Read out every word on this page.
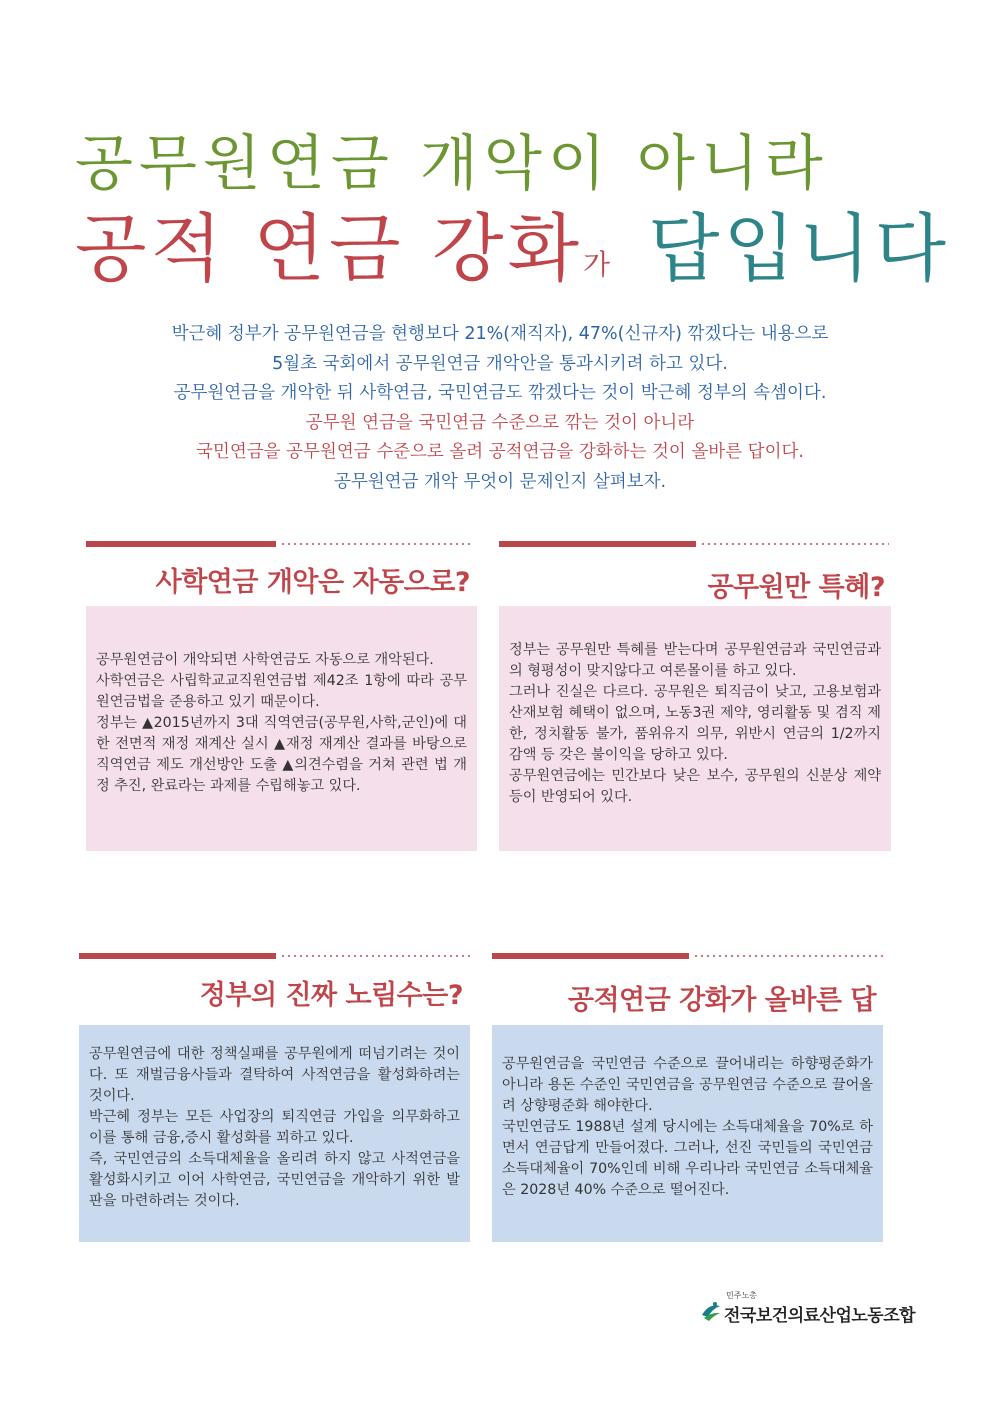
공무원연금 개악이 아니라
공적 연금 강화가 답입니다
박근혜 정부가 공무원연금을 현행보다 21%(재직자), 47%(신규자) 깎겠다는 내용으로
5월초 국회에서 공무원연금 개악안을 통과시키려 하고 있다.
공무원연금을 개악한 뒤 사학연금, 국민연금도 깎겠다는 것이 박근혜 정부의 속셈이다.
공무원 연금을 국민연금 수준으로 깎는 것이 아니라
국민연금을 공무원연금 수준으로 올려 공적연금을 강화하는 것이 올바른 답이다.
공무원연금 개악 무엇이 문제인지 살펴보자.
사학연금 개악은 자동으로?

공무원연금이 개악되면 사학연금도 자동으로 개악된다.

사학연금은 사립학교교직원연금법 제42조 1항에 따라 공무원연금법을 준용하고 있기 때문이다.

정부는 ▲2015년까지 3대 직역연금(공무원,사학,군인)에 대한 전면적 재정 재계산 실시 ▲재정 재계산 결과를 바탕으로 직역연금 제도 개선방안 도출 ▲의견수렴을 거쳐 관련 법 개정 추진, 완료라는 과제를 수립해놓고 있다.

공무원만 특혜?

정부는 공무원만 특혜를 받는다며 공무원연금과 국민연금과의 형평성이 맞지않다고 여론몰이를 하고 있다.

그러나 진실은 다르다. 공무원은 퇴직금이 낮고, 고용보험과 산재보험 혜택이 없으며, 노동3권 제약, 영리활동 및 겸직 제한, 정치활동 불가, 품위유지 의무, 위반시 연금의 1/2까지 감액 등 갖은 불이익을 당하고 있다.

공무원연금에는 민간보다 낮은 보수, 공무원의 신분상 제약 등이 반영되어 있다.

정부의 진짜 노림수는?

공무원연금에 대한 정책실패를 공무원에게 떠넘기려는 것이다. 또 재벌금융사들과 결탁하여 사적연금을 활성화하려는 것이다.

박근혜 정부는 모든 사업장의 퇴직연금 가입을 의무화하고 이를 통해 금융,증시 활성화를 꾀하고 있다.

즉, 국민연금의 소득대체율을 올리려 하지 않고 사적연금을 활성화시키고 이어 사학연금, 국민연금을 개악하기 위한 발판을 마련하려는 것이다.

공적연금 강화가 올바른 답

공무원연금을 국민연금 수준으로 끌어내리는 하향평준화가 아니라 용돈 수준인 국민연금을 공무원연금 수준으로 끌어올려 상향평준화 해야한다.

국민연금도 1988년 설계 당시에는 소득대체율을 70%로 하면서 연금답게 만들어졌다. 그러나, 선진 국민들의 국민연금 소득대체율이 70%인데 비해 우리나라 국민연금 소득대체율은 2028년 40% 수준으로 떨어진다.

민주노총
전국보건의료산업노동조합
